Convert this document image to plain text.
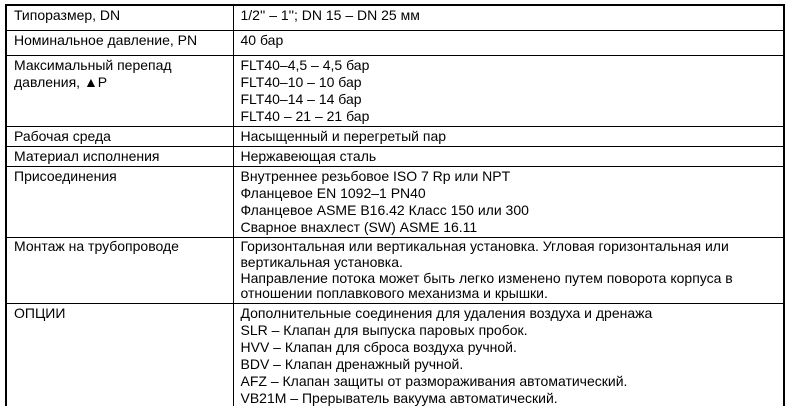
Типоразмер, DN	1/2'' – 1''; DN 15 – DN 25 мм

Номинальное давление, PN	40 бар

Максимальный перепад давления, ▲P	FLT40–4,5 – 4,5 бар
FLT40–10 – 10 бар
FLT40–14 – 14 бар
FLT40 – 21 – 21 бар

Рабочая среда	Насыщенный и перегретый пар

Материал исполнения	Нержавеющая сталь

Присоединения	Внутреннее резьбовое ISO 7 Rp или NPT
Фланцевое EN 1092–1 PN40
Фланцевое ASME B16.42 Класс 150 или 300
Сварное внахлест (SW) ASME 16.11

Монтаж на трубопроводе	Горизонтальная или вертикальная установка. Угловая горизонтальная или вертикальная установка.
Направление потока может быть легко изменено путем поворота корпуса в отношении поплавкового механизма и крышки.

ОПЦИИ	Дополнительные соединения для удаления воздуха и дренажа
SLR – Клапан для выпуска паровых пробок.
HVV – Клапан для сброса воздуха ручной.
BDV – Клапан дренажный ручной.
AFZ – Клапан защиты от размораживания автоматический.
VB21M – Прерыватель вакуума автоматический.
